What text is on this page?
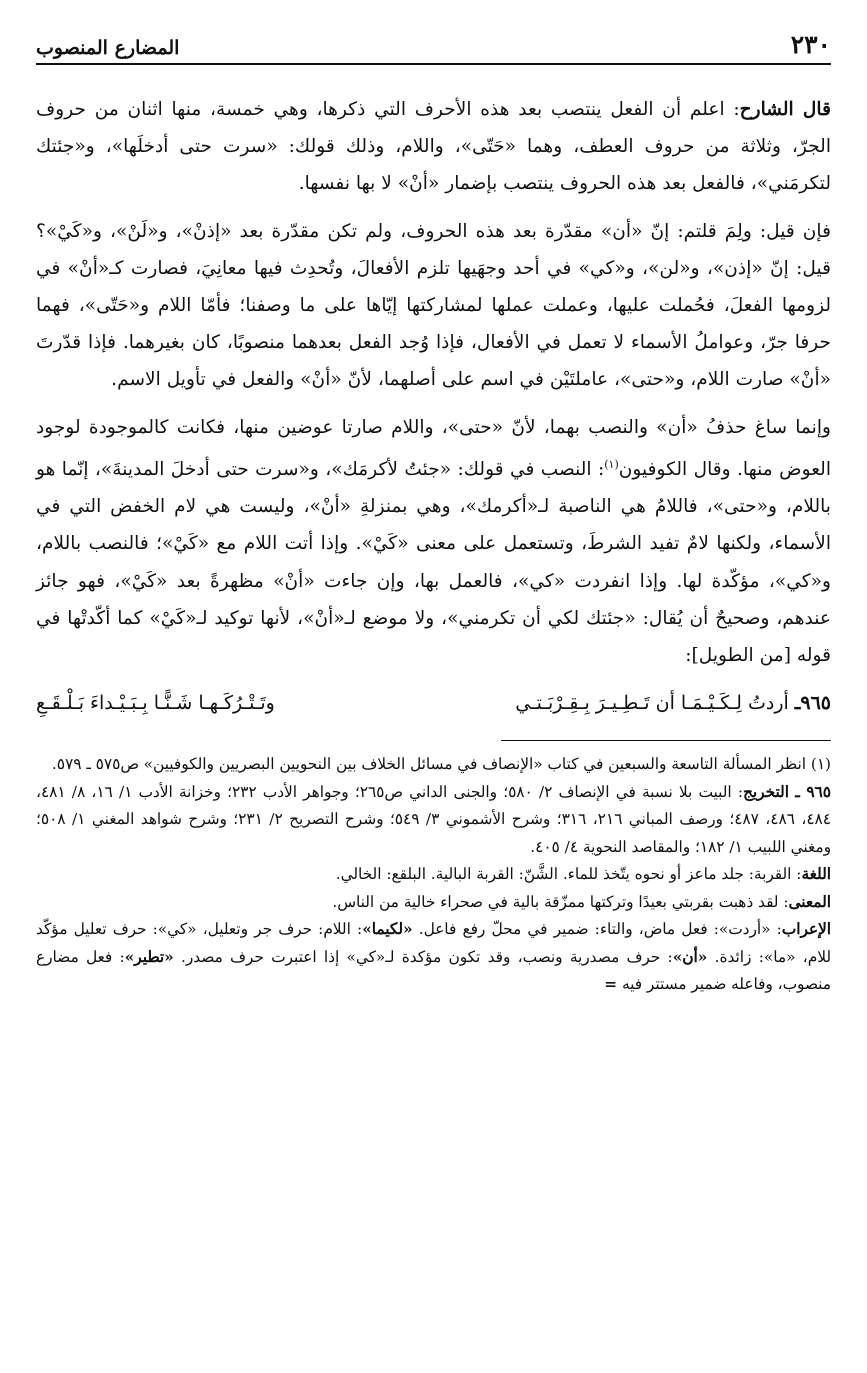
٢٣٠
المضارع المنصوب

قال الشارح: اعلم أن الفعل ينتصب بعد هذه الأحرف التي ذكرها، وهي خمسة، منها اثنان من حروف الجرّ، وثلاثة من حروف العطف، وهما «حَتّى»، واللام، وذلك قولك: «سرت حتى أدخلَها»، و«جئتك لتكرمَني»، فالفعل بعد هذه الحروف ينتصب بإضمار «أنْ» لا بها نفسها.

فإن قيل: ولِمَ قلتم: إنّ «أن» مقدّرة بعد هذه الحروف، ولم تكن مقدّرة بعد «إذنْ»، و«لَنْ»، و«كَيْ»؟ قيل: إنّ «إذن»، و«لن»، و«كي» في أحد وجهَيها تلزم الأفعالَ، وتُحدِث فيها معانِيَ، فصارت كـ«أنْ» في لزومها الفعلَ، فحُملت عليها، وعملت عملها لمشاركتها إيّاها على ما وصفنا؛ فأمّا اللام و«حَتّى»، فهما حرفا جرّ، وعواملُ الأسماء لا تعمل في الأفعال، فإذا وُجد الفعل بعدهما منصوبًا، كان بغيرهما. فإذا قدّرتَ «أنْ» صارت اللام، و«حتى»، عاملتَيْن في اسم على أصلهما، لأنّ «أنْ» والفعل في تأويل الاسم.

وإنما ساغ حذفُ «أن» والنصب بهما، لأنّ «حتى»، واللام صارتا عوضين منها، فكانت كالموجودة لوجود العوض منها. وقال الكوفيون$^{(١)}$: النصب في قولك: «جئتُ لأكرمَك»، و«سرت حتى أدخلَ المدينةَ»، إنّما هو باللام، و«حتى»، فاللامُ هي الناصبة لـ«أكرمك»، وهي بمنزلةِ «أنْ»، وليست هي لام الخفض التي في الأسماء، ولكنها لامٌ تفيد الشرطَ، وتستعمل على معنى «كَيْ». وإذا أتت اللام مع «كَيْ»؛ فالنصب باللام، و«كي»، مؤكّدة لها. وإذا انفردت «كي»، فالعمل بها، وإن جاءت «أنْ» مظهرةً بعد «كَيْ»، فهو جائز عندهم، وصحيحٌ أن يُقال: «جئتك لكي أن تكرمني»، ولا موضع لـ«أنْ»، لأنها توكيد لـ«كَيْ» كما أكّدتْها في قوله [من الطويل]:

٩٦٥ـ
أردتُ لِـكَـيْـمَـا أن تَـطِـيـرَ بِـقِـرْبَـتـي
وتَـتْـرُكَـهـا شَـنًّـا بِـبَـيْـداءَ بَـلْـقَـعِ

(١) انظر المسألة التاسعة والسبعين في كتاب «الإنصاف في مسائل الخلاف بين النحويين البصريين والكوفيين» ص٥٧٥ ـ ٥٧٩.

٩٦٥ ـ التخريج: البيت بلا نسبة في الإنصاف ٢/ ٥٨٠؛ والجنى الداني ص٢٦٥؛ وجواهر الأدب ٢٣٢؛ وخزانة الأدب ١/ ١٦، ٨/ ٤٨١، ٤٨٤، ٤٨٦، ٤٨٧؛ ورصف المباني ٢١٦، ٣١٦؛ وشرح الأشموني ٣/ ٥٤٩؛ وشرح التصريح ٢/ ٢٣١؛ وشرح شواهد المغني ١/ ٥٠٨؛ ومغني اللبيب ١/ ١٨٢؛ والمقاصد النحوية ٤/ ٤٠٥.

اللغة: القربة: جلد ماعز أو نحوه يتّخذ للماء. الشَّنّ: القربة البالية. البلقع: الخالي.

المعنى: لقد ذهبت بقربتي بعيدًا وتركتها ممزّقة بالية في صحراء خالية من الناس.

الإعراب: «أردت»: فعل ماض، والتاء: ضمير في محلّ رفع فاعل. «لكيما»: اللام: حرف جر وتعليل، «كي»: حرف تعليل مؤكّد للام، «ما»: زائدة. «أن»: حرف مصدرية ونصب، وقد تكون مؤكدة لـ«كي» إذا اعتبرت حرف مصدر. «تطير»: فعل مضارع منصوب، وفاعله ضمير مستتر فيه =
